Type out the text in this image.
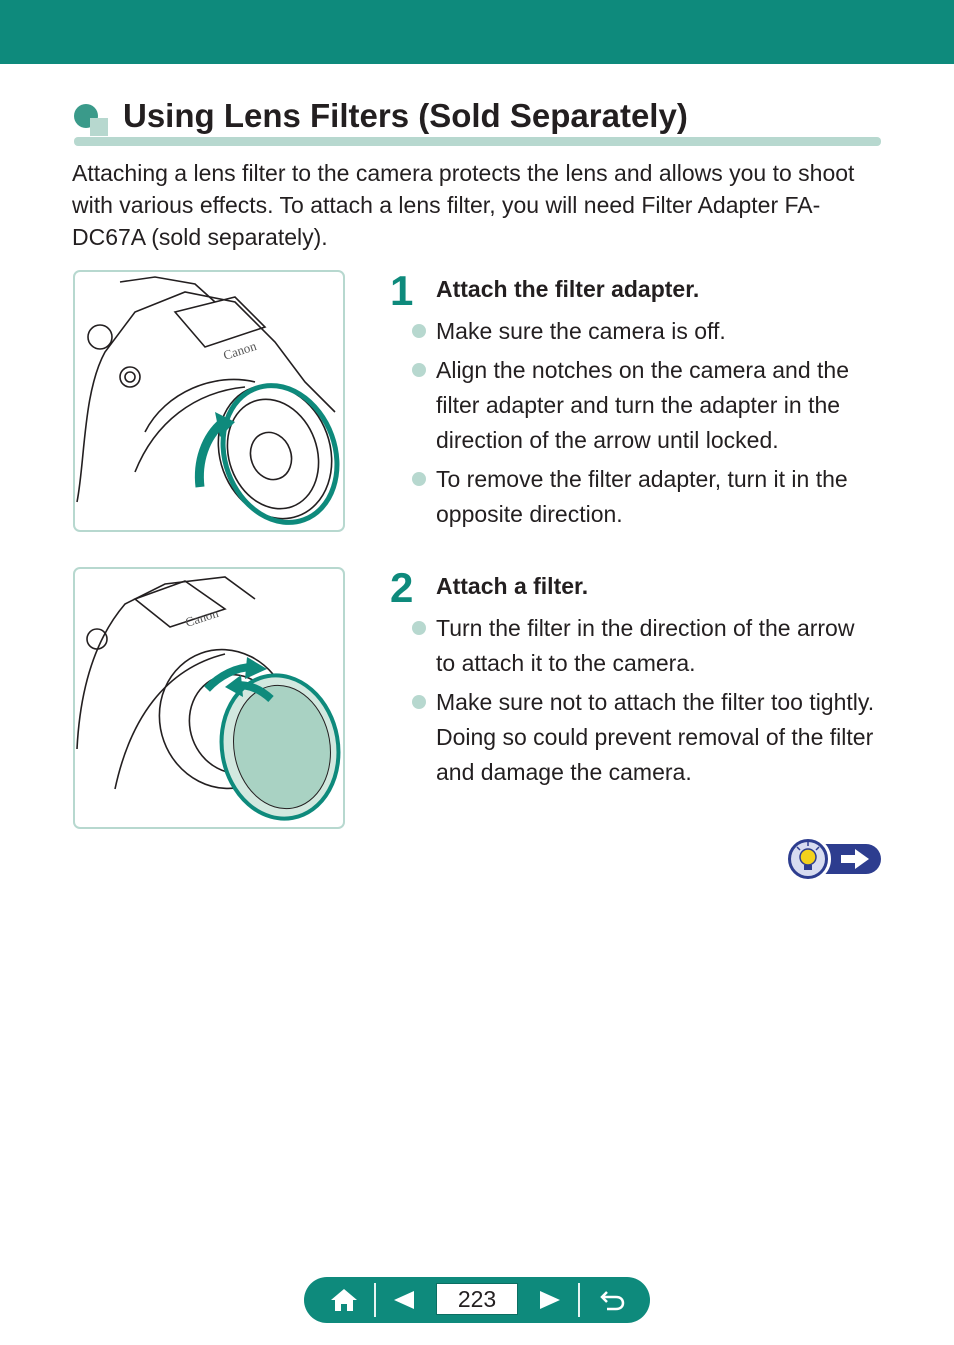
Using Lens Filters (Sold Separately)

Attaching a lens filter to the camera protects the lens and allows you to shoot with various effects. To attach a lens filter, you will need Filter Adapter FA-DC67A (sold separately).

Canon
Canon
1 Attach the filter adapter.
Make sure the camera is off.
Align the notches on the camera and the filter adapter and turn the adapter in the direction of the arrow until locked.
To remove the filter adapter, turn it in the opposite direction.
2 Attach a filter.
Turn the filter in the direction of the arrow to attach it to the camera.
Make sure not to attach the filter too tightly. Doing so could prevent removal of the filter and damage the camera.
223
